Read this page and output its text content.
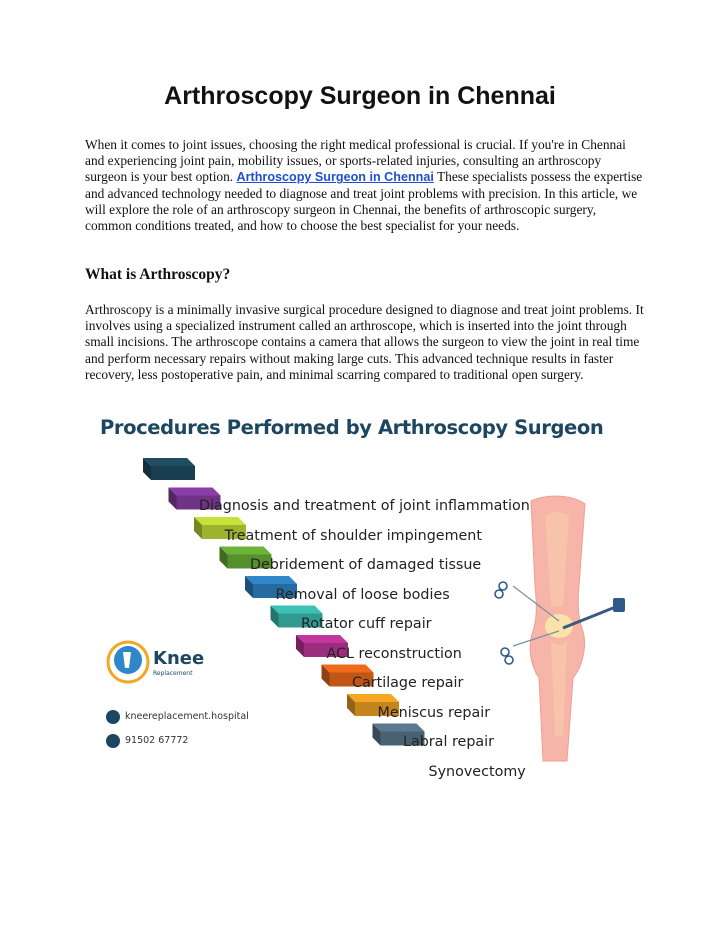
Arthroscopy Surgeon in Chennai

When it comes to joint issues, choosing the right medical professional is crucial. If you're in Chennai and experiencing joint pain, mobility issues, or sports-related injuries, consulting an arthroscopy surgeon is your best option. Arthroscopy Surgeon in Chennai These specialists possess the expertise and advanced technology needed to diagnose and treat joint problems with precision. In this article, we will explore the role of an arthroscopy surgeon in Chennai, the benefits of arthroscopic surgery, common conditions treated, and how to choose the best specialist for your needs.

What is Arthroscopy?

Arthroscopy is a minimally invasive surgical procedure designed to diagnose and treat joint problems. It involves using a specialized instrument called an arthroscope, which is inserted into the joint through small incisions. The arthroscope contains a camera that allows the surgeon to view the joint in real time and perform necessary repairs without making large cuts. This advanced technique results in faster recovery, less postoperative pain, and minimal scarring compared to traditional open surgery.

Procedures Performed by Arthroscopy Surgeon
Knee
Replacement
kneereplacement.hospital
91502 67772
Diagnosis and treatment of joint inflammation
Treatment of shoulder impingement
Debridement of damaged tissue
Removal of loose bodies
Rotator cuff repair
ACL reconstruction
Cartilage repair
Meniscus repair
Labral repair
Synovectomy
